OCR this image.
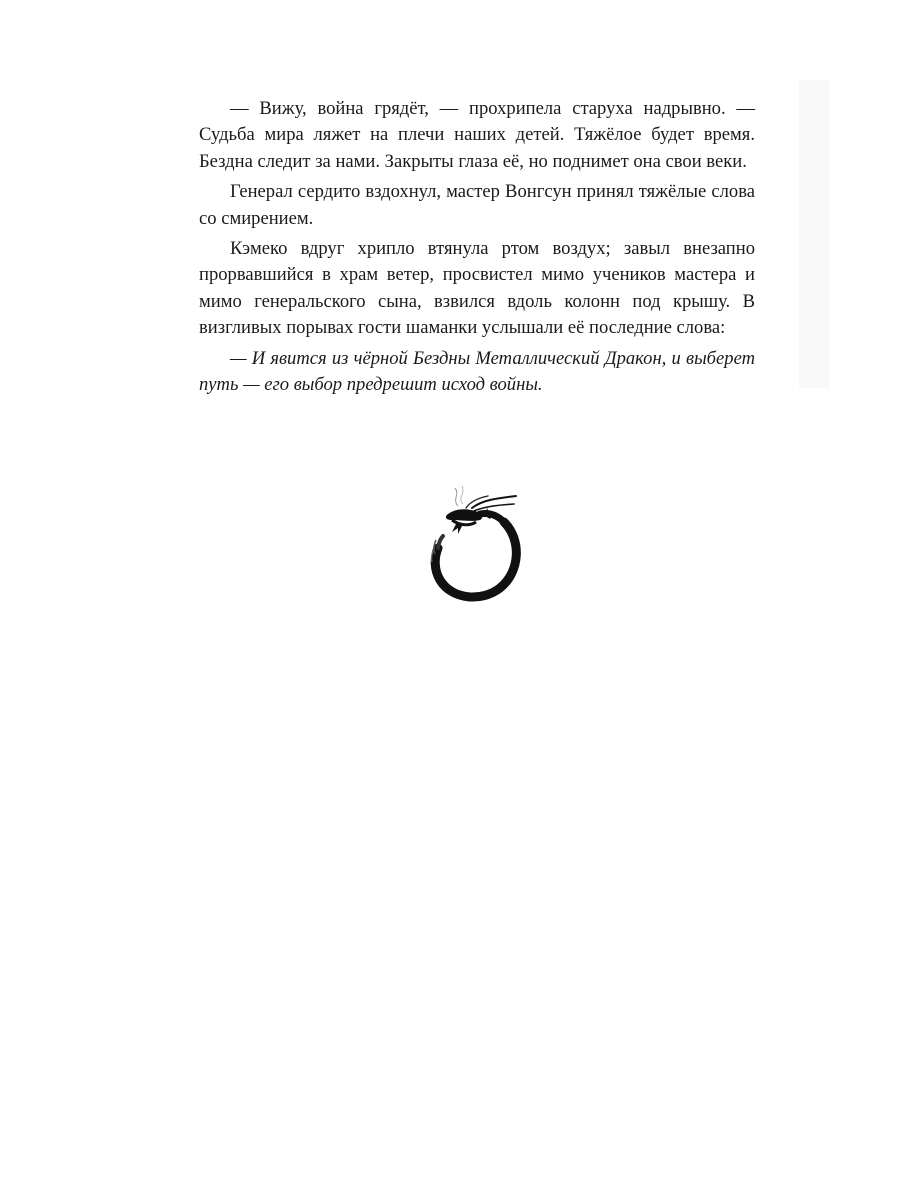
— Вижу, война грядёт, — прохрипела старуха надрывно. — Судьба мира ляжет на плечи наших детей. Тяжёлое будет время. Бездна следит за нами. Закрыты глаза её, но поднимет она свои веки.

Генерал сердито вздохнул, мастер Вонгсун принял тяжёлые слова со смирением.

Кэмеко вдруг хрипло втянула ртом воздух; завыл внезапно прорвавшийся в храм ветер, просвистел мимо учеников мастера и мимо генеральского сына, взвился вдоль колонн под крышу. В визгливых порывах гости шаманки услышали её последние слова:

— И явится из чёрной Бездны Металлический Дракон, и выберет путь — его выбор предрешит исход войны.
